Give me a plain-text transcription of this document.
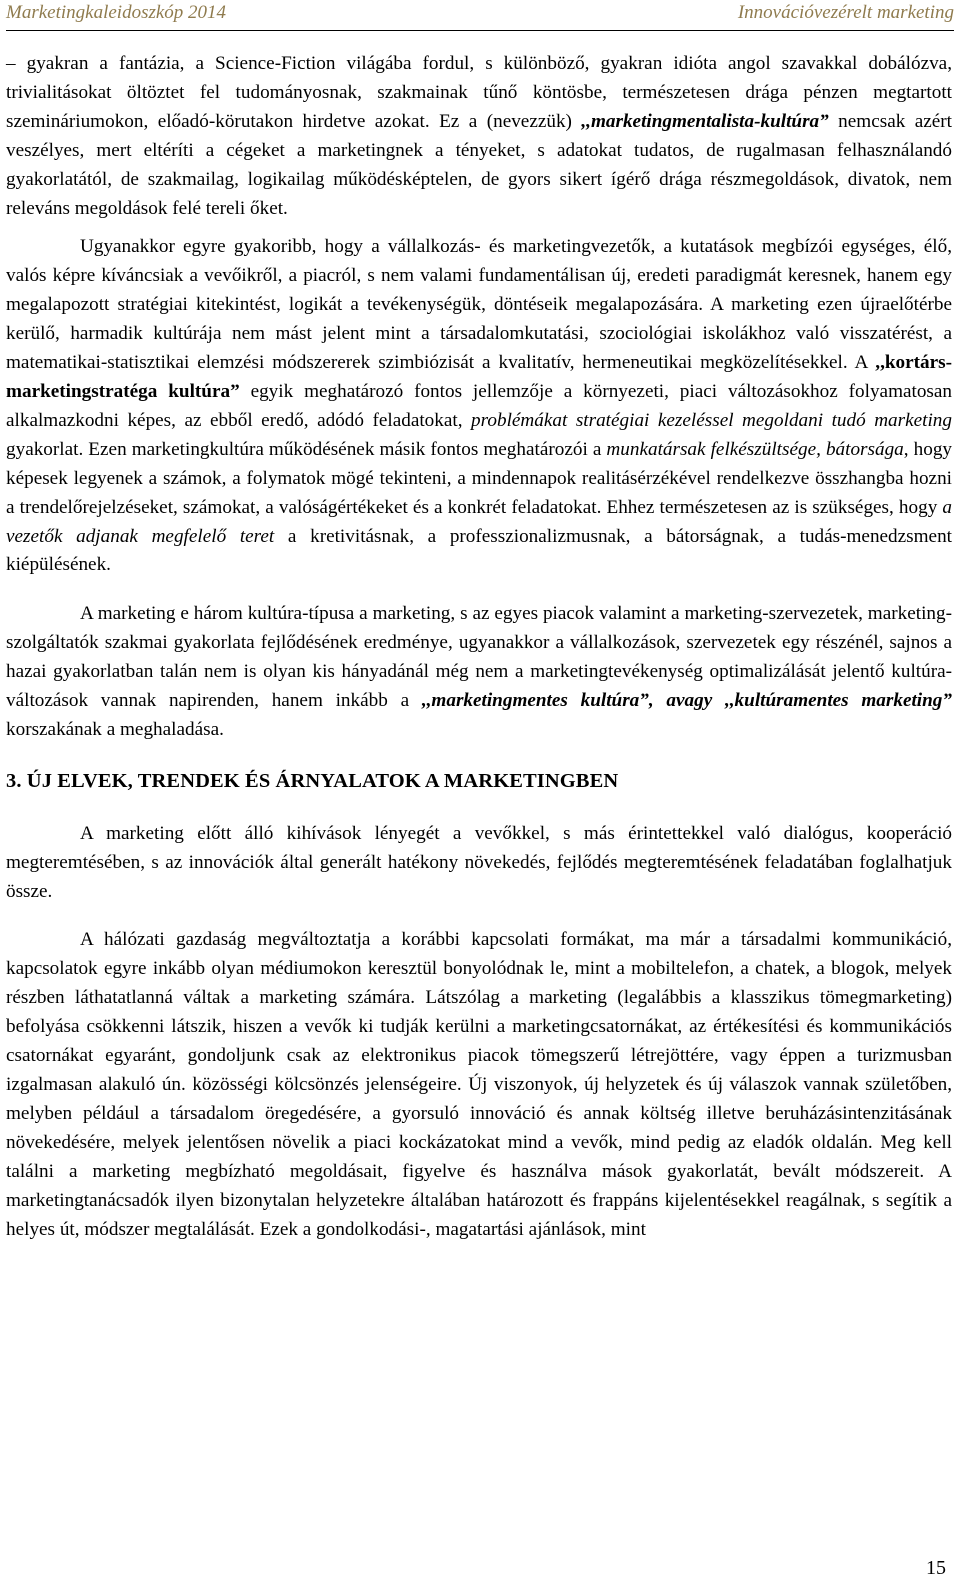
Marketingkaleidoszkóp 2014	Innovációvezérelt marketing

– gyakran a fantázia, a Science-Fiction világába fordul, s különböző, gyakran idióta angol szavakkal dobálózva, trivialitásokat öltöztet fel tudományosnak, szakmainak tűnő köntösbe, természetesen drága pénzen megtartott szemináriumokon, előadó-körutakon hirdetve azokat. Ez a (nevezzük) ,,marketingmentalista-kultúra” nemcsak azért veszélyes, mert eltéríti a cégeket a marketingnek a tényeket, s adatokat tudatos, de rugalmasan felhasználandó gyakorlatától, de szakmailag, logikailag működésképtelen, de gyors sikert ígérő drága részmegoldások, divatok, nem releváns megoldások felé tereli őket.

Ugyanakkor egyre gyakoribb, hogy a vállalkozás- és marketingvezetők, a kutatások megbízói egységes, élő, valós képre kíváncsiak a vevőikről, a piacról, s nem valami fundamentálisan új, eredeti paradigmát keresnek, hanem egy megalapozott stratégiai kitekintést, logikát a tevékenységük, döntéseik megalapozására. A marketing ezen újraelőtérbe kerülő, harmadik kultúrája nem mást jelent mint a társadalomkutatási, szociológiai iskolákhoz való visszatérést, a matematikai-statisztikai elemzési módszererek szimbiózisát a kvalitatív, hermeneutikai megközelítésekkel. A ,,kortárs-marketingstratéga kultúra” egyik meghatározó fontos jellemzője a környezeti, piaci változásokhoz folyamatosan alkalmazkodni képes, az ebből eredő, adódó feladatokat, problémákat stratégiai kezeléssel megoldani tudó marketing gyakorlat. Ezen marketingkultúra működésének másik fontos meghatározói a munkatársak felkészültsége, bátorsága, hogy képesek legyenek a számok, a folymatok mögé tekinteni, a mindennapok realitásérzékével rendelkezve összhangba hozni a trendelőrejelzéseket, számokat, a valóságértékeket és a konkrét feladatokat. Ehhez természetesen az is szükséges, hogy a vezetők adjanak megfelelő teret a kretivitásnak, a professzionalizmusnak, a bátorságnak, a tudás-menedzsment kiépülésének.

A marketing e három kultúra-típusa a marketing, s az egyes piacok valamint a marketing-szervezetek, marketing-szolgáltatók szakmai gyakorlata fejlődésének eredménye, ugyanakkor a vállalkozások, szervezetek egy részénél, sajnos a hazai gyakorlatban talán nem is olyan kis hányadánál még nem a marketingtevékenység optimalizálását jelentő kultúra-változások vannak napirenden, hanem inkább a ,,marketingmentes kultúra”, avagy ,,kultúramentes marketing” korszakának a meghaladása.

3. ÚJ ELVEK, TRENDEK ÉS ÁRNYALATOK A MARKETINGBEN

A marketing előtt álló kihívások lényegét a vevőkkel, s más érintettekkel való dialógus, kooperáció megteremtésében, s az innovációk által generált hatékony növekedés, fejlődés megteremtésének feladatában foglalhatjuk össze.

A hálózati gazdaság megváltoztatja a korábbi kapcsolati formákat, ma már a társadalmi kommunikáció, kapcsolatok egyre inkább olyan médiumokon keresztül bonyolódnak le, mint a mobiltelefon, a chatek, a blogok, melyek részben láthatatlanná váltak a marketing számára. Látszólag a marketing (legalábbis a klasszikus tömegmarketing) befolyása csökkenni látszik, hiszen a vevők ki tudják kerülni a marketingcsatornákat, az értékesítési és kommunikációs csatornákat egyaránt, gondoljunk csak az elektronikus piacok tömegszerű létrejöttére, vagy éppen a turizmusban izgalmasan alakuló ún. közösségi kölcsönzés jelenségeire. Új viszonyok, új helyzetek és új válaszok vannak születőben, melyben például a társadalom öregedésére, a gyorsuló innováció és annak költség illetve beruházásintenzitásának növekedésére, melyek jelentősen növelik a piaci kockázatokat mind a vevők, mind pedig az eladók oldalán. Meg kell találni a marketing megbízható megoldásait, figyelve és használva mások gyakorlatát, bevált módszereit. A marketingtanácsadók ilyen bizonytalan helyzetekre általában határozott és frappáns kijelentésekkel reagálnak, s segítik a helyes út, módszer megtalálását. Ezek a gondolkodási-, magatartási ajánlások, mint

15
